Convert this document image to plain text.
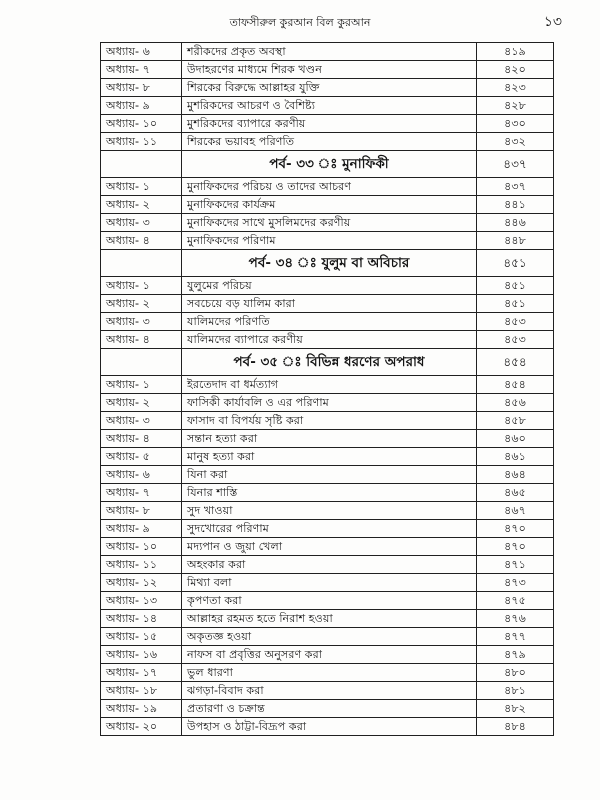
তাফসীরুল কুরআন বিল কুরআন	১৩
অধ্যায়- ৬	শরীকদের প্রকৃত অবস্থা	৪১৯
অধ্যায়- ৭	উদাহরণের মাধ্যমে শিরক খণ্ডন	৪২০
অধ্যায়- ৮	শিরকের বিরুদ্ধে আল্লাহর যুক্তি	৪২৩
অধ্যায়- ৯	মুশরিকদের আচরণ ও বৈশিষ্ট্য	৪২৮
অধ্যায়- ১০	মুশরিকদের ব্যাপারে করণীয়	৪৩০
অধ্যায়- ১১	শিরকের ভয়াবহ পরিণতি	৪৩২
	পর্ব- ৩৩ ঃ মুনাফিকী	৪৩৭
অধ্যায়- ১	মুনাফিকদের পরিচয় ও তাদের আচরণ	৪৩৭
অধ্যায়- ২	মুনাফিকদের কার্যক্রম	৪৪১
অধ্যায়- ৩	মুনাফিকদের সাথে মুসলিমদের করণীয়	৪৪৬
অধ্যায়- ৪	মুনাফিকদের পরিণাম	৪৪৮
	পর্ব- ৩৪ ঃ যুলুম বা অবিচার	৪৫১
অধ্যায়- ১	যুলুমের পরিচয়	৪৫১
অধ্যায়- ২	সবচেয়ে বড় যালিম কারা	৪৫১
অধ্যায়- ৩	যালিমদের পরিণতি	৪৫৩
অধ্যায়- ৪	যালিমদের ব্যাপারে করণীয়	৪৫৩
	পর্ব- ৩৫ ঃ বিভিন্ন ধরণের অপরাধ	৪৫৪
অধ্যায়- ১	ইরতেদাদ বা ধর্মত্যাগ	৪৫৪
অধ্যায়- ২	ফাসিকী কার্যাবলি ও এর পরিণাম	৪৫৬
অধ্যায়- ৩	ফাসাদ বা বিপর্যয় সৃষ্টি করা	৪৫৮
অধ্যায়- ৪	সন্তান হত্যা করা	৪৬০
অধ্যায়- ৫	মানুষ হত্যা করা	৪৬১
অধ্যায়- ৬	যিনা করা	৪৬৪
অধ্যায়- ৭	যিনার শাস্তি	৪৬৫
অধ্যায়- ৮	সুদ খাওয়া	৪৬৭
অধ্যায়- ৯	সুদখোরের পরিণাম	৪৭০
অধ্যায়- ১০	মদ্যপান ও জুয়া খেলা	৪৭০
অধ্যায়- ১১	অহংকার করা	৪৭১
অধ্যায়- ১২	মিথ্যা বলা	৪৭৩
অধ্যায়- ১৩	কৃপণতা করা	৪৭৫
অধ্যায়- ১৪	আল্লাহর রহমত হতে নিরাশ হওয়া	৪৭৬
অধ্যায়- ১৫	অকৃতজ্ঞ হওয়া	৪৭৭
অধ্যায়- ১৬	নাফস বা প্রবৃত্তির অনুসরণ করা	৪৭৯
অধ্যায়- ১৭	ভুল ধারণা	৪৮০
অধ্যায়- ১৮	ঝগড়া-বিবাদ করা	৪৮১
অধ্যায়- ১৯	প্রতারণা ও চক্রান্ত	৪৮২
অধ্যায়- ২০	উপহাস ও ঠাট্টা-বিদ্রূপ করা	৪৮৪
